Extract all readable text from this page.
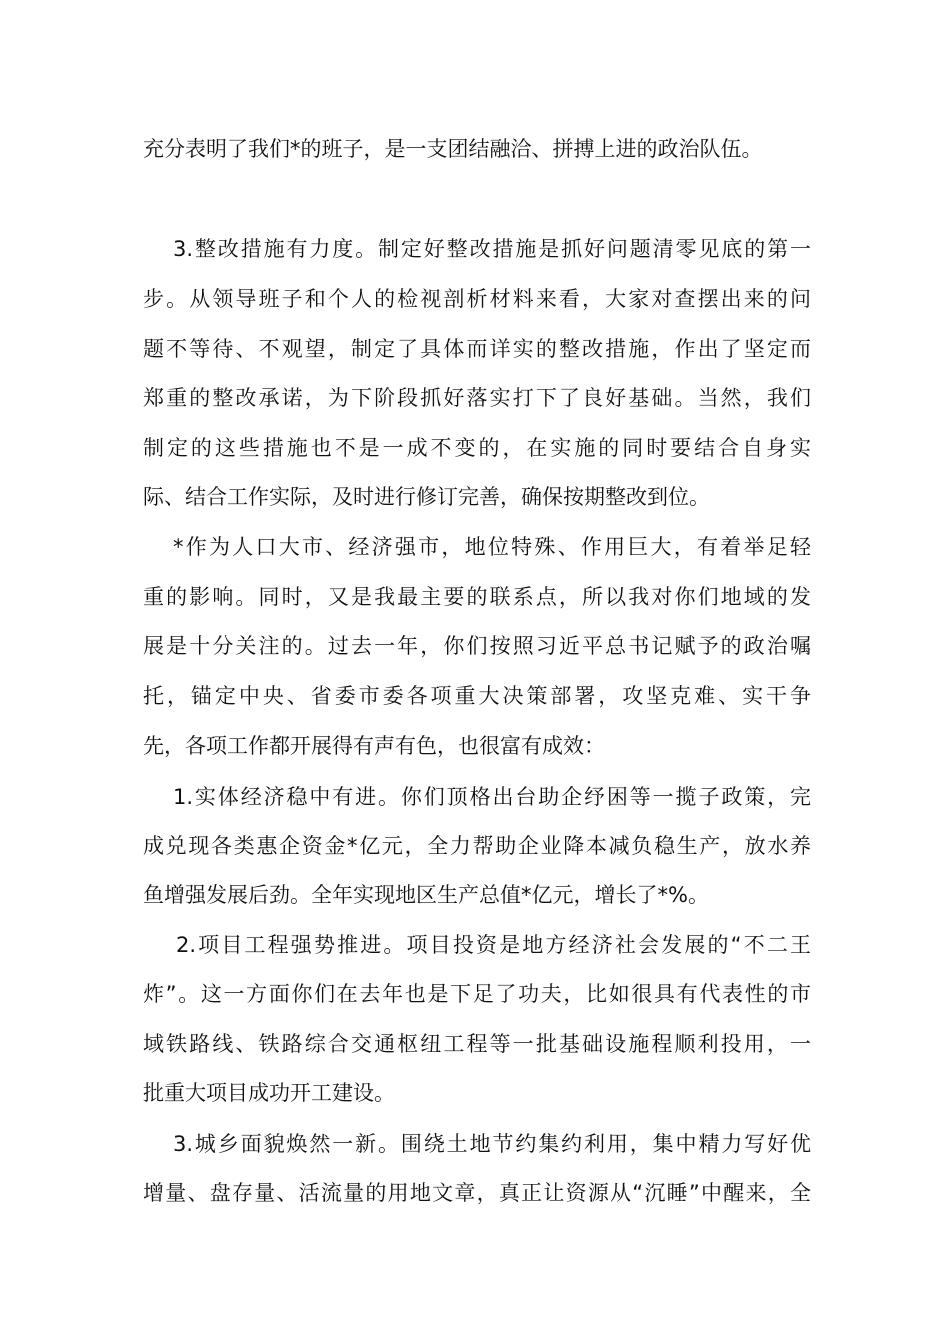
充分表明了我们*的班子，是一支团结融洽、拼搏上进的政治队伍。
3.整改措施有力度。制定好整改措施是抓好问题清零见底的第一
步。从领导班子和个人的检视剖析材料来看，大家对查摆出来的问
题不等待、不观望，制定了具体而详实的整改措施，作出了坚定而
郑重的整改承诺，为下阶段抓好落实打下了良好基础。当然，我们
制定的这些措施也不是一成不变的，在实施的同时要结合自身实
际、结合工作实际，及时进行修订完善，确保按期整改到位。
*作为人口大市、经济强市，地位特殊、作用巨大，有着举足轻
重的影响。同时，又是我最主要的联系点，所以我对你们地域的发
展是十分关注的。过去一年，你们按照习近平总书记赋予的政治嘱
托，锚定中央、省委市委各项重大决策部署，攻坚克难、实干争
先，各项工作都开展得有声有色，也很富有成效：
1.实体经济稳中有进。你们顶格出台助企纾困等一揽子政策，完
成兑现各类惠企资金*亿元，全力帮助企业降本减负稳生产，放水养
鱼增强发展后劲。全年实现地区生产总值*亿元，增长了*%。
2.项目工程强势推进。项目投资是地方经济社会发展的“不二王
炸”。这一方面你们在去年也是下足了功夫，比如很具有代表性的市
域铁路线、铁路综合交通枢纽工程等一批基础设施程顺利投用，一
批重大项目成功开工建设。
3.城乡面貌焕然一新。围绕土地节约集约利用，集中精力写好优
增量、盘存量、活流量的用地文章，真正让资源从“沉睡”中醒来，全
